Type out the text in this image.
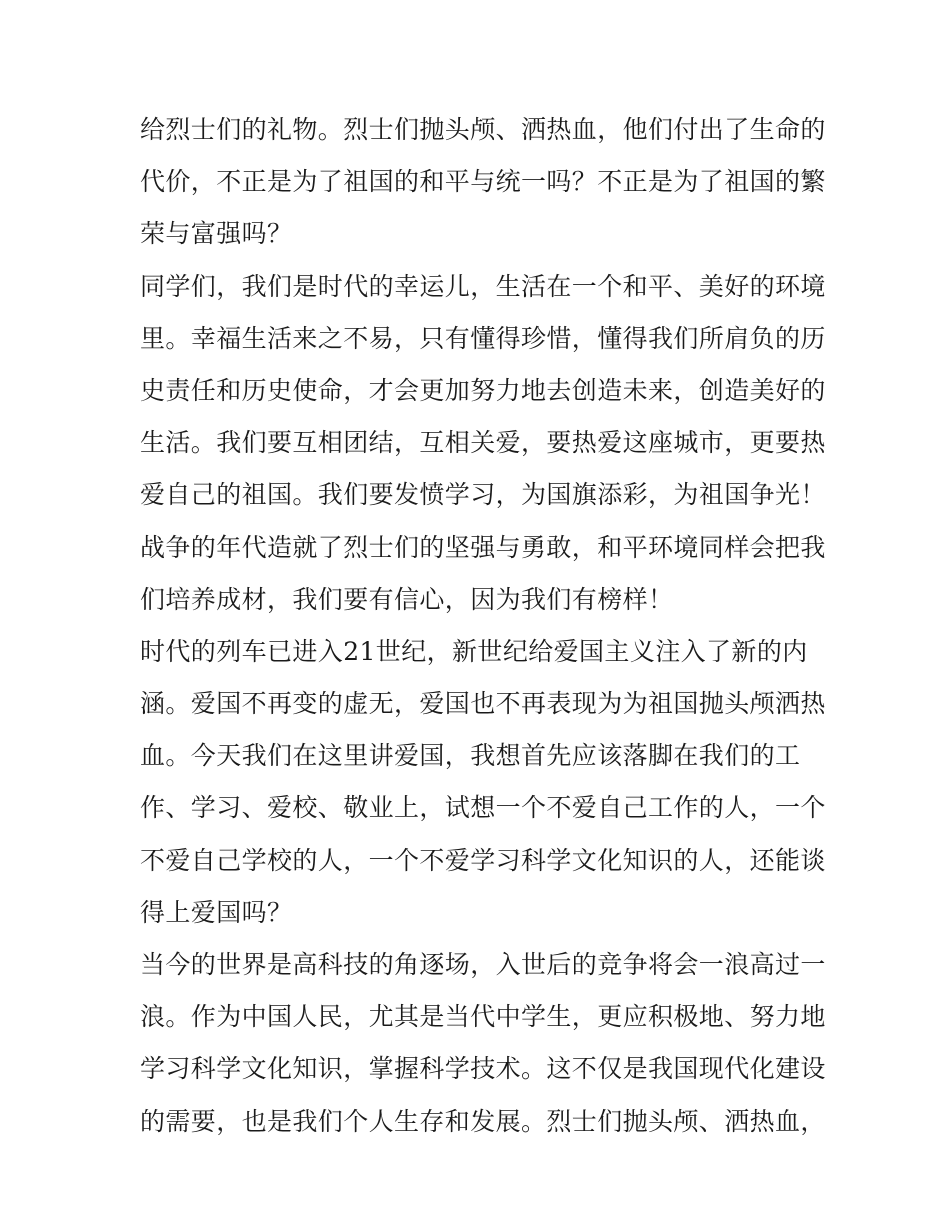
给烈士们的礼物。烈士们抛头颅、洒热血，他们付出了生命的
代价，不正是为了祖国的和平与统一吗？不正是为了祖国的繁
荣与富强吗？
同学们，我们是时代的幸运儿，生活在一个和平、美好的环境
里。幸福生活来之不易，只有懂得珍惜，懂得我们所肩负的历
史责任和历史使命，才会更加努力地去创造未来，创造美好的
生活。我们要互相团结，互相关爱，要热爱这座城市，更要热
爱自己的祖国。我们要发愤学习，为国旗添彩，为祖国争光！
战争的年代造就了烈士们的坚强与勇敢，和平环境同样会把我
们培养成材，我们要有信心，因为我们有榜样！
时代的列车已进入21世纪，新世纪给爱国主义注入了新的内
涵。爱国不再变的虚无，爱国也不再表现为为祖国抛头颅洒热
血。今天我们在这里讲爱国，我想首先应该落脚在我们的工
作、学习、爱校、敬业上，试想一个不爱自己工作的人，一个
不爱自己学校的人，一个不爱学习科学文化知识的人，还能谈
得上爱国吗？
当今的世界是高科技的角逐场，入世后的竞争将会一浪高过一
浪。作为中国人民，尤其是当代中学生，更应积极地、努力地
学习科学文化知识，掌握科学技术。这不仅是我国现代化建设
的需要，也是我们个人生存和发展。烈士们抛头颅、洒热血，
